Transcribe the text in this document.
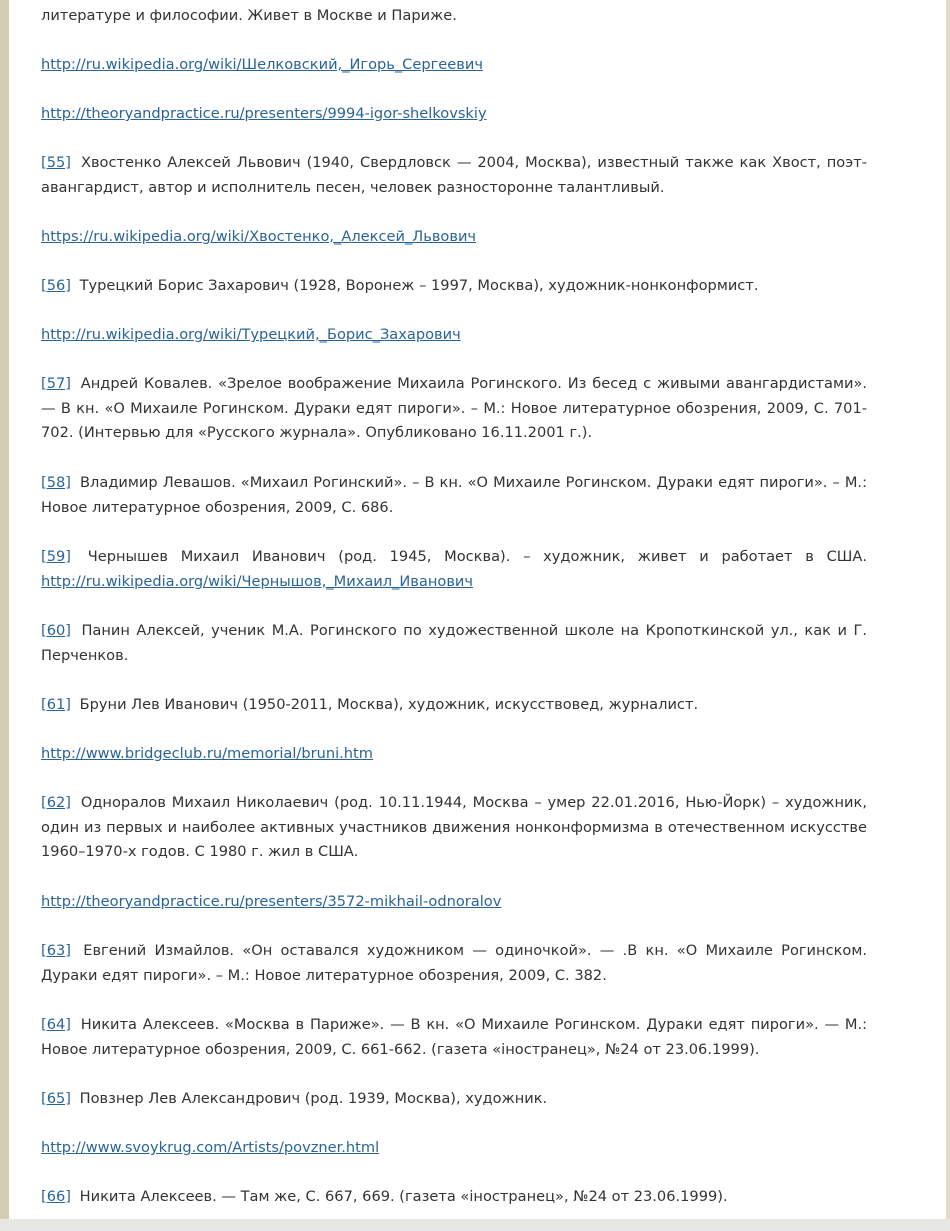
литературе и философии. Живет в Москве и Париже.

http://ru.wikipedia.org/wiki/Шелковский,_Игорь_Сергеевич

http://theoryandpractice.ru/presenters/9994-igor-shelkovskiy

[55] Хвостенко Алексей Львович (1940, Свердловск — 2004, Москва), известный также как Хвост, поэт-авангардист, автор и исполнитель песен, человек разносторонне талантливый.

https://ru.wikipedia.org/wiki/Хвостенко,_Алексей_Львович

[56] Турецкий Борис Захарович (1928, Воронеж – 1997, Москва), художник-нонконформист.

http://ru.wikipedia.org/wiki/Турецкий,_Борис_Захарович

[57] Андрей Ковалев. «Зрелое воображение Михаила Рогинского. Из бесед с живыми авангардистами». — В кн. «О Михаиле Рогинском. Дураки едят пироги». – М.: Новое литературное обозрения, 2009, С. 701-702. (Интервью для «Русского журнала». Опубликовано 16.11.2001 г.).

[58] Владимир Левашов. «Михаил Рогинский». – В кн. «О Михаиле Рогинском. Дураки едят пироги». – М.: Новое литературное обозрения, 2009, С. 686.

[59] Чернышев Михаил Иванович (род. 1945, Москва). – художник, живет и работает в США.

http://ru.wikipedia.org/wiki/Чернышов,_Михаил_Иванович

[60] Панин Алексей, ученик М.А. Рогинского по художественной школе на Кропоткинской ул., как и Г. Перченков.

[61] Бруни Лев Иванович (1950-2011, Москва), художник, искусствовед, журналист.

http://www.bridgeclub.ru/memorial/bruni.htm

[62] Одноралов Михаил Николаевич (род. 10.11.1944, Москва – умер 22.01.2016, Нью-Йорк) – художник, один из первых и наиболее активных участников движения нонконформизма в отечественном искусстве 1960–1970-х годов. С 1980 г. жил в США.

http://theoryandpractice.ru/presenters/3572-mikhail-odnoralov

[63] Евгений Измайлов. «Он оставался художником — одиночкой». — .В кн. «О Михаиле Рогинском. Дураки едят пироги». – М.: Новое литературное обозрения, 2009, С. 382.

[64] Никита Алексеев. «Москва в Париже». — В кн. «О Михаиле Рогинском. Дураки едят пироги». — М.: Новое литературное обозрения, 2009, С. 661-662. (газета «iностранец», №24 от 23.06.1999).

[65] Повзнер Лев Александрович (род. 1939, Москва), художник.

http://www.svoykrug.com/Artists/povzner.html

[66] Никита Алексеев. — Там же, С. 667, 669. (газета «iностранец», №24 от 23.06.1999).
